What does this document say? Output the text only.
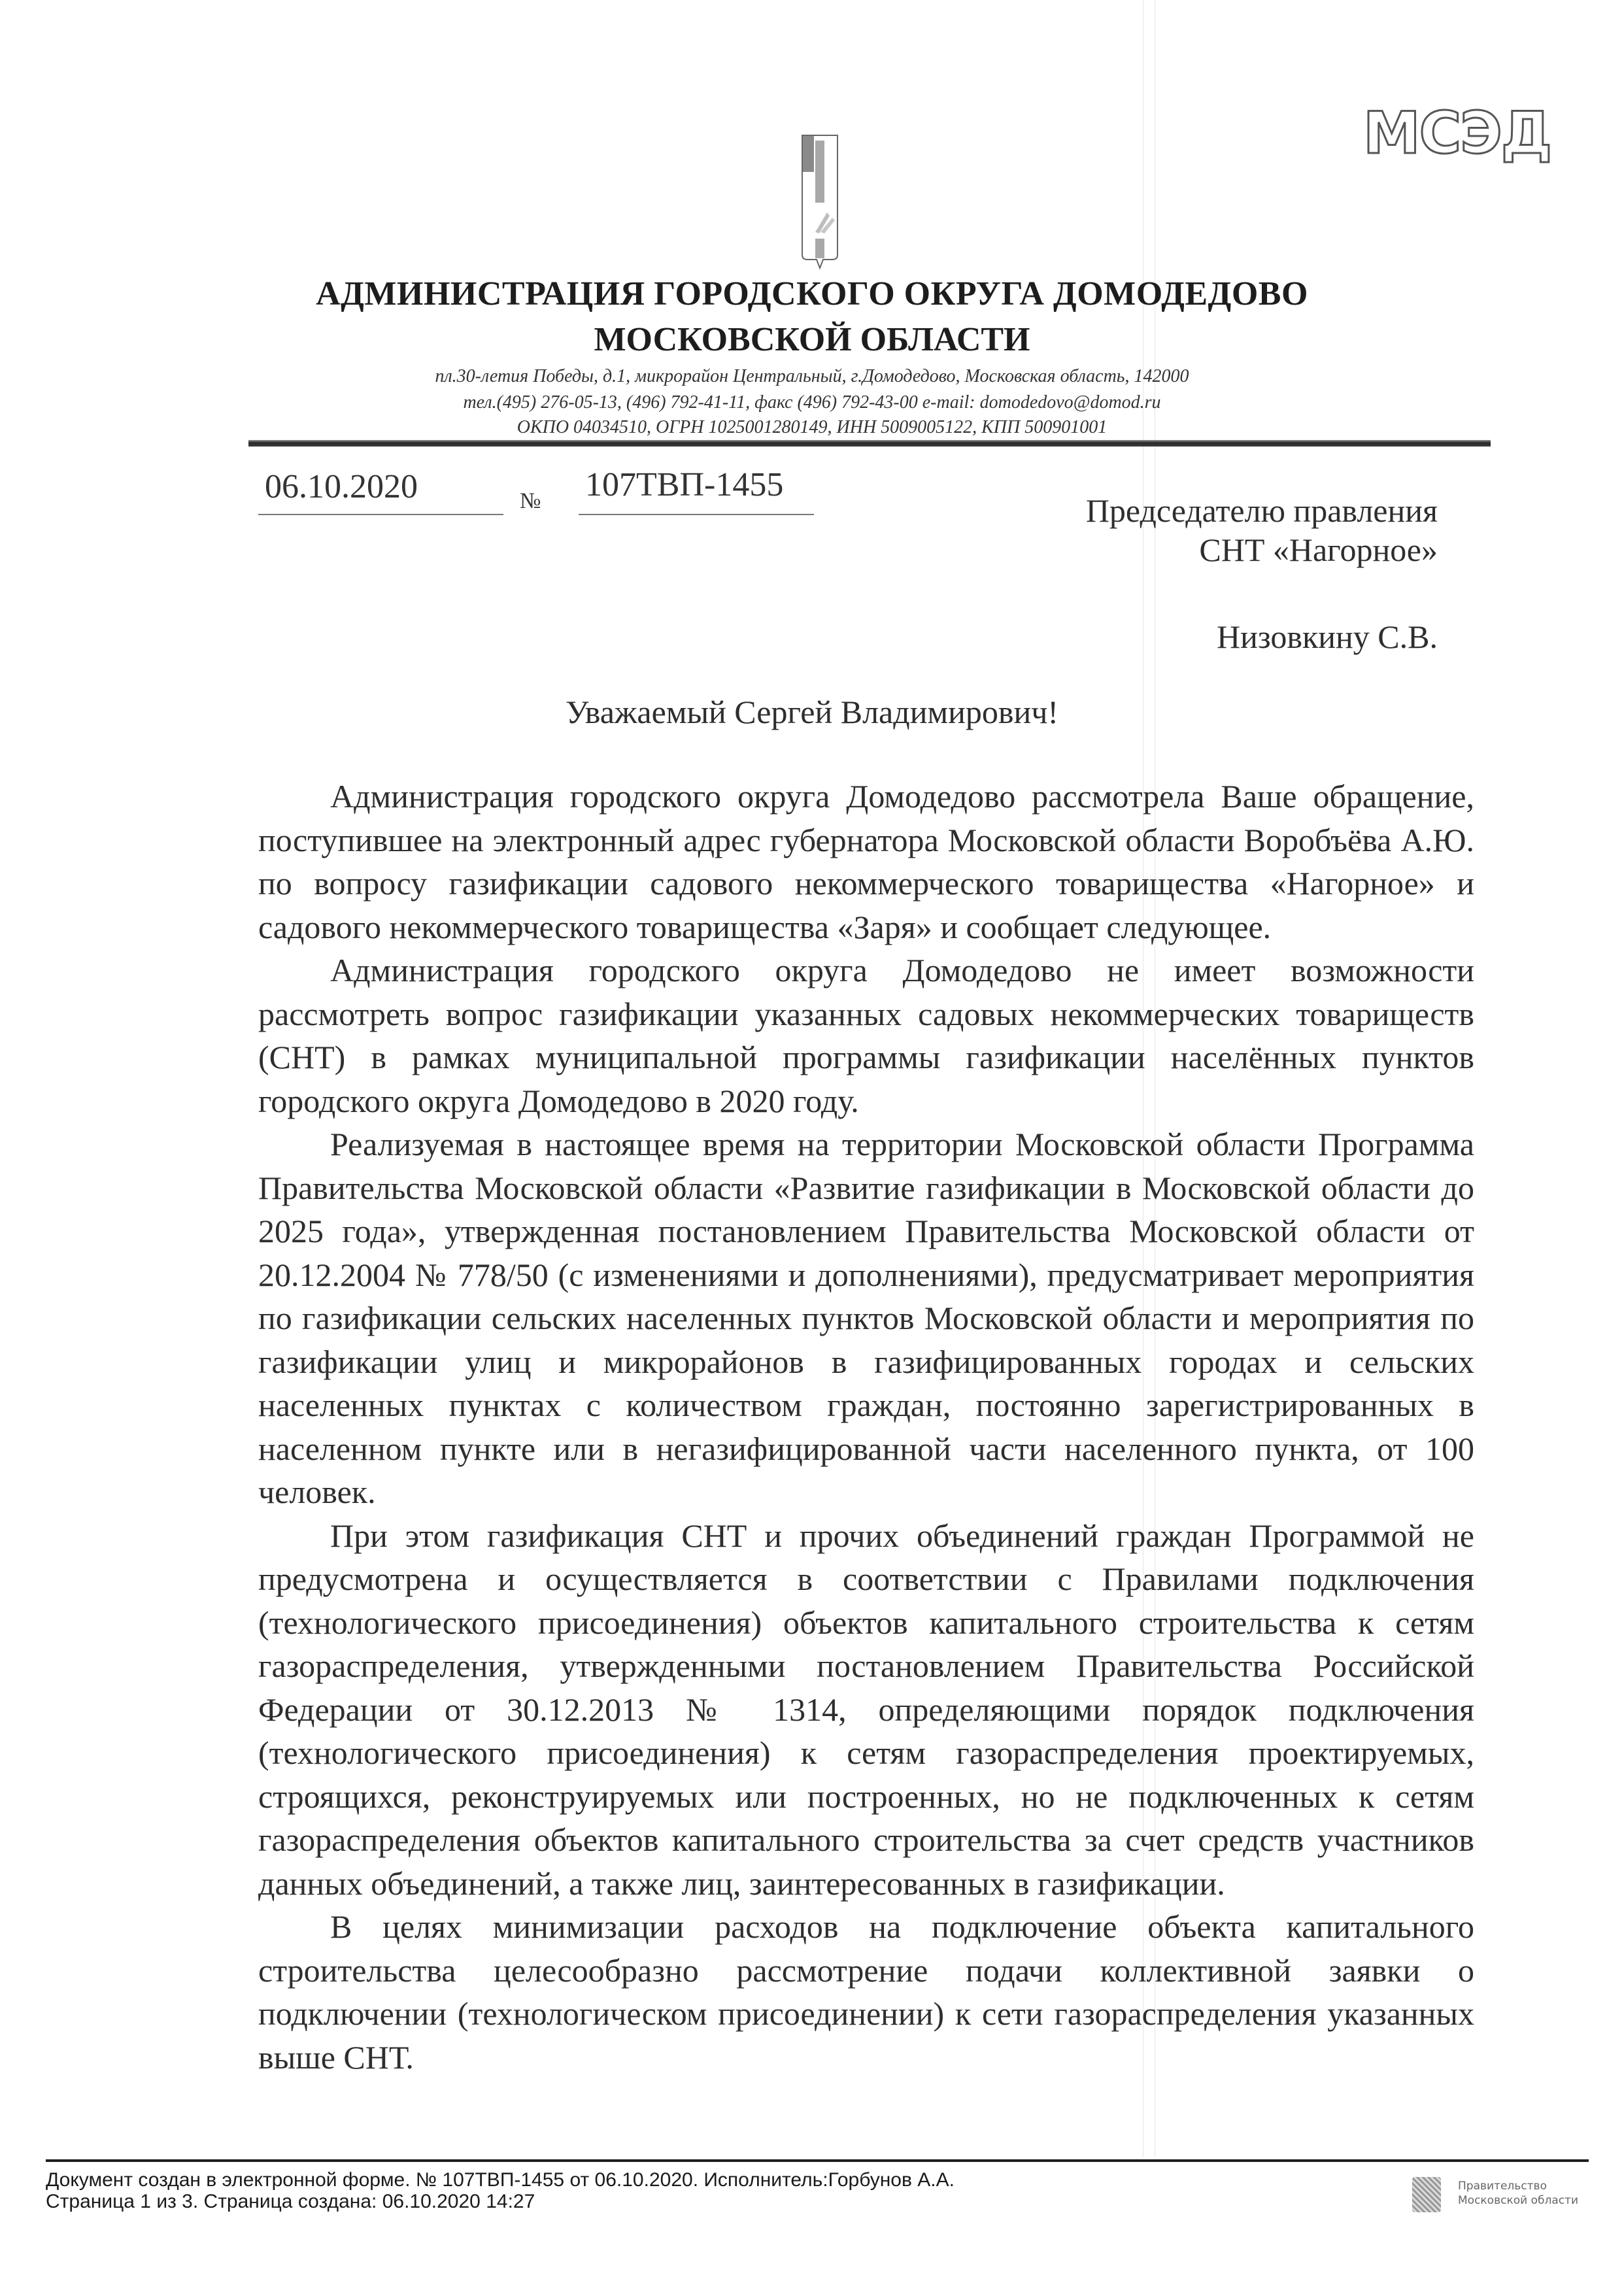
МСЭД
АДМИНИСТРАЦИЯ ГОРОДСКОГО ОКРУГА ДОМОДЕДОВО
МОСКОВСКОЙ ОБЛАСТИ
пл.30-летия Победы, д.1, микрорайон Центральный, г.Домодедово, Московская область, 142000
тел.(495) 276-05-13, (496) 792-41-11, факс (496) 792-43-00 e-mail: domodedovo@domod.ru
ОКПО 04034510, ОГРН 1025001280149, ИНН 5009005122, КПП 500901001
06.10.2020	№ 107ТВП-1455
Председателю правления
СНТ «Нагорное»
Низовкину С.В.
Уважаемый Сергей Владимирович!

Администрация городского округа Домодедово рассмотрела Ваше обращение, поступившее на электронный адрес губернатора Московской области Воробъёва А.Ю. по вопросу газификации садового некоммерческого товарищества «Нагорное» и садового некоммерческого товарищества «Заря» и сообщает следующее.

Администрация городского округа Домодедово не имеет возможности рассмотреть вопрос газификации указанных садовых некоммерческих товариществ (СНТ) в рамках муниципальной программы газификации населённых пунктов городского округа Домодедово в 2020 году.

Реализуемая в настоящее время на территории Московской области Программа Правительства Московской области «Развитие газификации в Московской области до 2025 года», утвержденная постановлением Правительства Московской области от 20.12.2004 № 778/50 (с изменениями и дополнениями), предусматривает мероприятия по газификации сельских населенных пунктов Московской области и мероприятия по газификации улиц и микрорайонов в газифицированных городах и сельских населенных пунктах с количеством граждан, постоянно зарегистрированных в населенном пункте или в негазифицированной части населенного пункта, от 100 человек.

При этом газификация СНТ и прочих объединений граждан Программой не предусмотрена и осуществляется в соответствии с Правилами подключения (технологического присоединения) объектов капитального строительства к сетям газораспределения, утвержденными постановлением Правительства Российской Федерации от 30.12.2013 № 1314, определяющими порядок подключения (технологического присоединения) к сетям газораспределения проектируемых, строящихся, реконструируемых или построенных, но не подключенных к сетям газораспределения объектов капитального строительства за счет средств участников данных объединений, а также лиц, заинтересованных в газификации.

В целях минимизации расходов на подключение объекта капитального строительства целесообразно рассмотрение подачи коллективной заявки о подключении (технологическом присоединении) к сети газораспределения указанных выше СНТ.

Документ создан в электронной форме. № 107ТВП-1455 от 06.10.2020. Исполнитель:Горбунов А.А.
Страница 1 из 3. Страница создана: 06.10.2020 14:27
Правительство
Московской области
